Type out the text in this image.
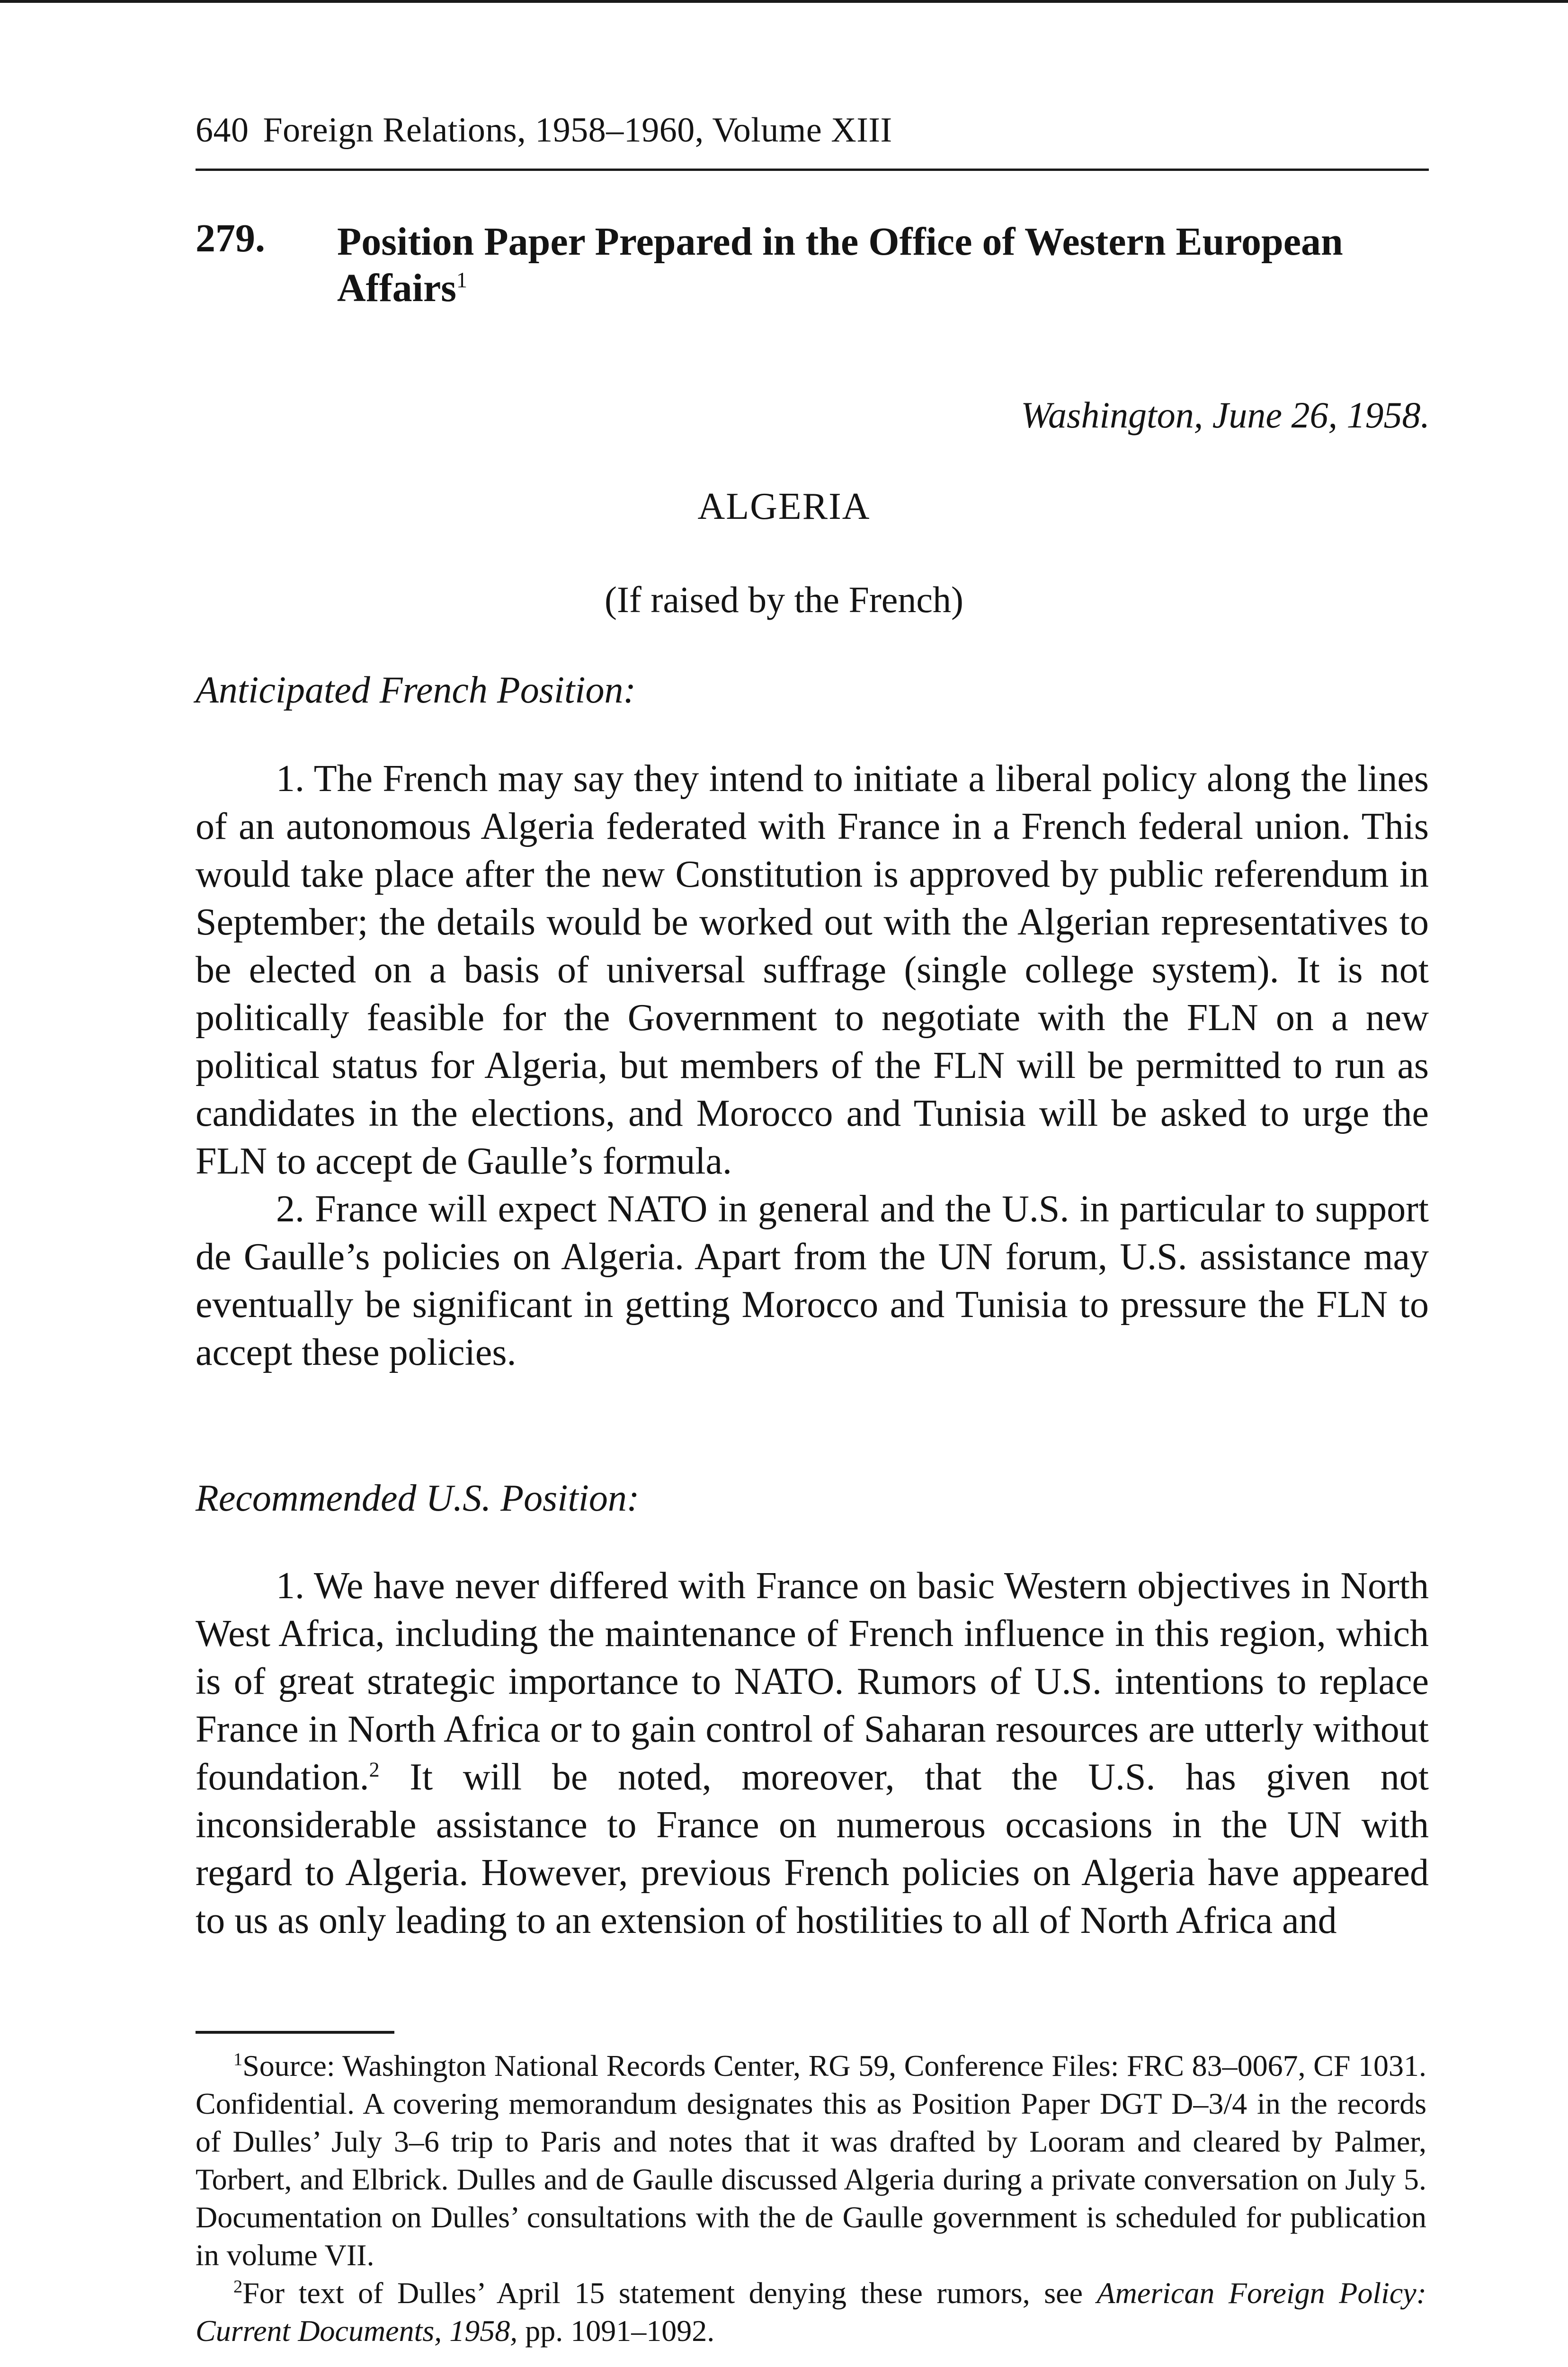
640 Foreign Relations, 1958–1960, Volume XIII
279. Position Paper Prepared in the Office of Western European Affairs$^1$
Washington, June 26, 1958.
ALGERIA
(If raised by the French)
Anticipated French Position:

1. The French may say they intend to initiate a liberal policy along the lines of an autonomous Algeria federated with France in a French federal union. This would take place after the new Constitution is approved by public referendum in September; the details would be worked out with the Algerian representatives to be elected on a basis of universal suffrage (single college system). It is not politically feasible for the Government to negotiate with the FLN on a new political status for Algeria, but members of the FLN will be permitted to run as candidates in the elections, and Morocco and Tunisia will be asked to urge the FLN to accept de Gaulle’s formula.

2. France will expect NATO in general and the U.S. in particular to support de Gaulle’s policies on Algeria. Apart from the UN forum, U.S. assistance may eventually be significant in getting Morocco and Tunisia to pressure the FLN to accept these policies.

Recommended U.S. Position:

1. We have never differed with France on basic Western objectives in North West Africa, including the maintenance of French influence in this region, which is of great strategic importance to NATO. Rumors of U.S. intentions to replace France in North Africa or to gain control of Saharan resources are utterly without foundation.$^2$ It will be noted, moreover, that the U.S. has given not inconsiderable assistance to France on numerous occasions in the UN with regard to Algeria. However, previous French policies on Algeria have appeared to us as only leading to an extension of hostilities to all of North Africa and

$^1$Source: Washington National Records Center, RG 59, Conference Files: FRC 83–0067, CF 1031. Confidential. A covering memorandum designates this as Position Paper DGT D–3/4 in the records of Dulles’ July 3–6 trip to Paris and notes that it was drafted by Looram and cleared by Palmer, Torbert, and Elbrick. Dulles and de Gaulle discussed Algeria during a private conversation on July 5. Documentation on Dulles’ consultations with the de Gaulle government is scheduled for publication in volume VII.

$^2$For text of Dulles’ April 15 statement denying these rumors, see American Foreign Policy: Current Documents, 1958, pp. 1091–1092.
